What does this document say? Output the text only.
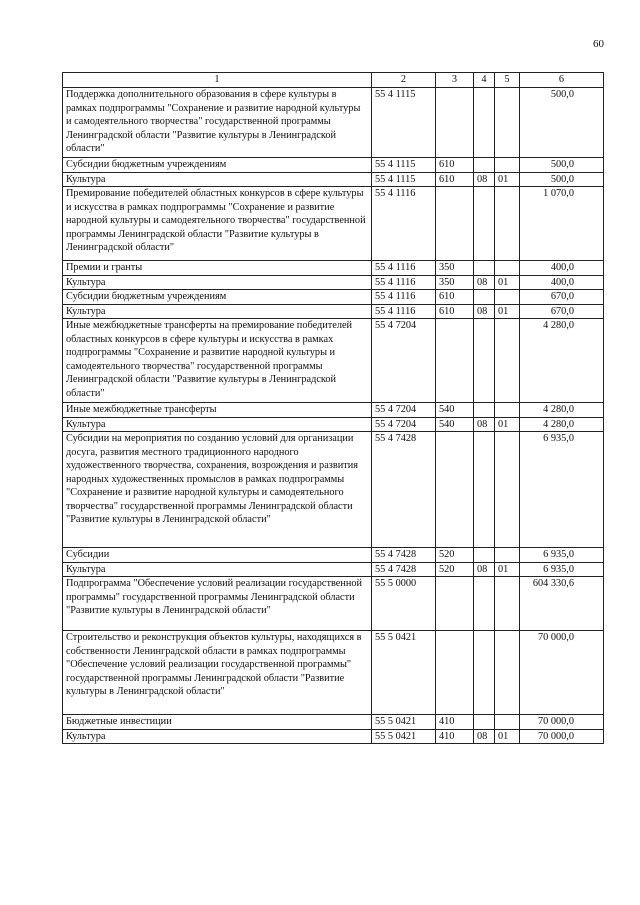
60
1	2	3	4	5	6
Поддержка дополнительного образования в сфере культуры в рамках подпрограммы "Сохранение и развитие народной культуры и самодеятельного творчества" государственной программы Ленинградской области "Развитие культуры в Ленинградской области"	55 4 1115				500,0
Субсидии бюджетным учреждениям	55 4 1115	610			500,0
Культура	55 4 1115	610	08	01	500,0
Премирование победителей областных конкурсов в сфере культуры и искусства в рамках подпрограммы "Сохранение и развитие народной культуры и самодеятельного творчества" государственной программы Ленинградской области "Развитие культуры в Ленинградской области"	55 4 1116				1 070,0
Премии и гранты	55 4 1116	350			400,0
Культура	55 4 1116	350	08	01	400,0
Субсидии бюджетным учреждениям	55 4 1116	610			670,0
Культура	55 4 1116	610	08	01	670,0
Иные межбюджетные трансферты на премирование победителей областных конкурсов в сфере культуры и искусства в рамках подпрограммы "Сохранение и развитие народной культуры и самодеятельного творчества" государственной программы Ленинградской области "Развитие культуры в Ленинградской области"	55 4 7204				4 280,0
Иные межбюджетные трансферты	55 4 7204	540			4 280,0
Культура	55 4 7204	540	08	01	4 280,0
Субсидии на мероприятия по созданию условий для организации досуга, развития местного традиционного народного художественного творчества, сохранения, возрождения и развития народных художественных промыслов в рамках подпрограммы "Сохранение и развитие народной культуры и самодеятельного творчества" государственной программы Ленинградской области "Развитие культуры в Ленинградской области"	55 4 7428				6 935,0
Субсидии	55 4 7428	520			6 935,0
Культура	55 4 7428	520	08	01	6 935,0
Подпрограмма "Обеспечение условий реализации государственной программы" государственной программы Ленинградской области "Развитие культуры в Ленинградской области"	55 5 0000				604 330,6
Строительство и реконструкция объектов культуры, находящихся в собственности Ленинградской области в рамках подпрограммы "Обеспечение условий реализации государственной программы" государственной программы Ленинградской области "Развитие культуры в Ленинградской области"	55 5 0421				70 000,0
Бюджетные инвестиции	55 5 0421	410			70 000,0
Культура	55 5 0421	410	08	01	70 000,0
